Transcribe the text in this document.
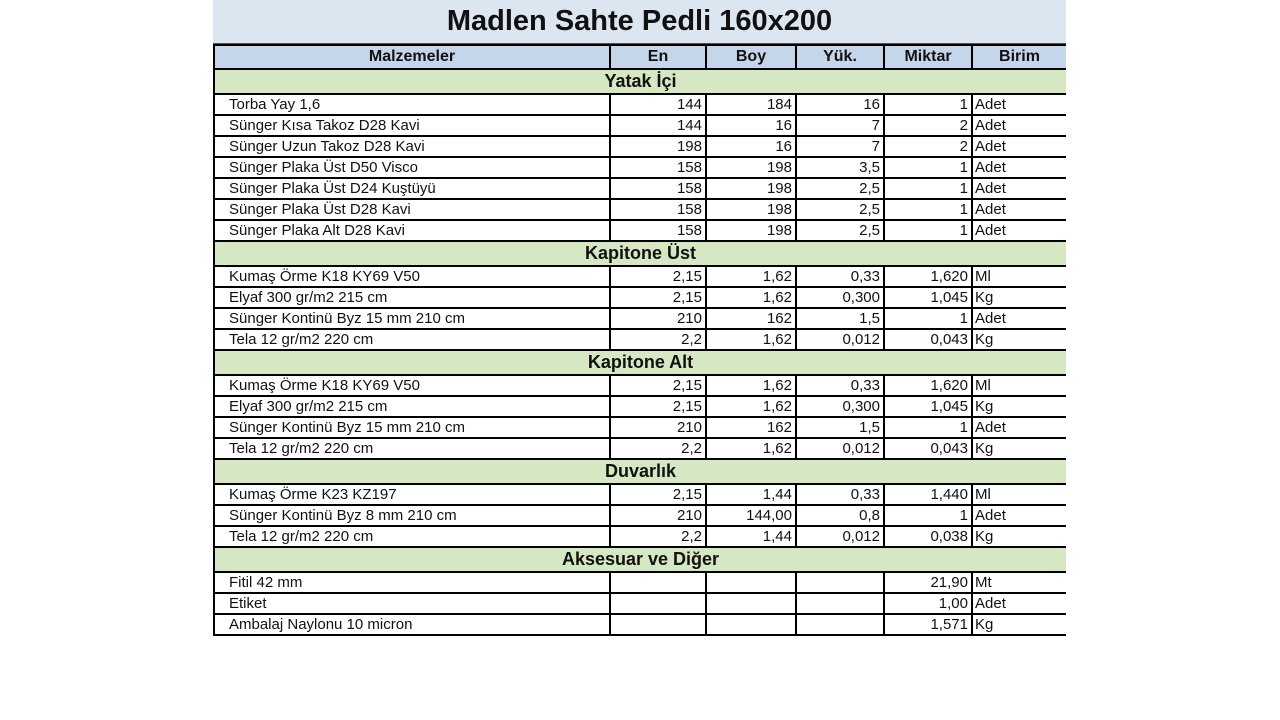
Madlen Sahte Pedli 160x200
Malzemeler	En	Boy	Yük.	Miktar	Birim
Yatak İçi					
Torba Yay 1,6	144	184	16	1	Adet
Sünger Kısa Takoz D28 Kavi	144	16	7	2	Adet
Sünger Uzun Takoz D28 Kavi	198	16	7	2	Adet
Sünger Plaka Üst D50 Visco	158	198	3,5	1	Adet
Sünger Plaka Üst D24 Kuştüyü	158	198	2,5	1	Adet
Sünger Plaka Üst D28 Kavi	158	198	2,5	1	Adet
Sünger Plaka Alt D28 Kavi	158	198	2,5	1	Adet
Kapitone Üst					
Kumaş Örme K18 KY69 V50	2,15	1,62	0,33	1,620	Ml
Elyaf 300 gr/m2 215 cm	2,15	1,62	0,300	1,045	Kg
Sünger Kontinü Byz 15 mm 210 cm	210	162	1,5	1	Adet
Tela 12 gr/m2 220 cm	2,2	1,62	0,012	0,043	Kg
Kapitone Alt					
Kumaş Örme K18 KY69 V50	2,15	1,62	0,33	1,620	Ml
Elyaf 300 gr/m2 215 cm	2,15	1,62	0,300	1,045	Kg
Sünger Kontinü Byz 15 mm 210 cm	210	162	1,5	1	Adet
Tela 12 gr/m2 220 cm	2,2	1,62	0,012	0,043	Kg
Duvarlık					
Kumaş Örme K23 KZ197	2,15	1,44	0,33	1,440	Ml
Sünger Kontinü Byz 8 mm 210 cm	210	144,00	0,8	1	Adet
Tela 12 gr/m2 220 cm	2,2	1,44	0,012	0,038	Kg
Aksesuar ve Diğer					
Fitil 42 mm				21,90	Mt
Etiket				1,00	Adet
Ambalaj Naylonu 10 micron				1,571	Kg
